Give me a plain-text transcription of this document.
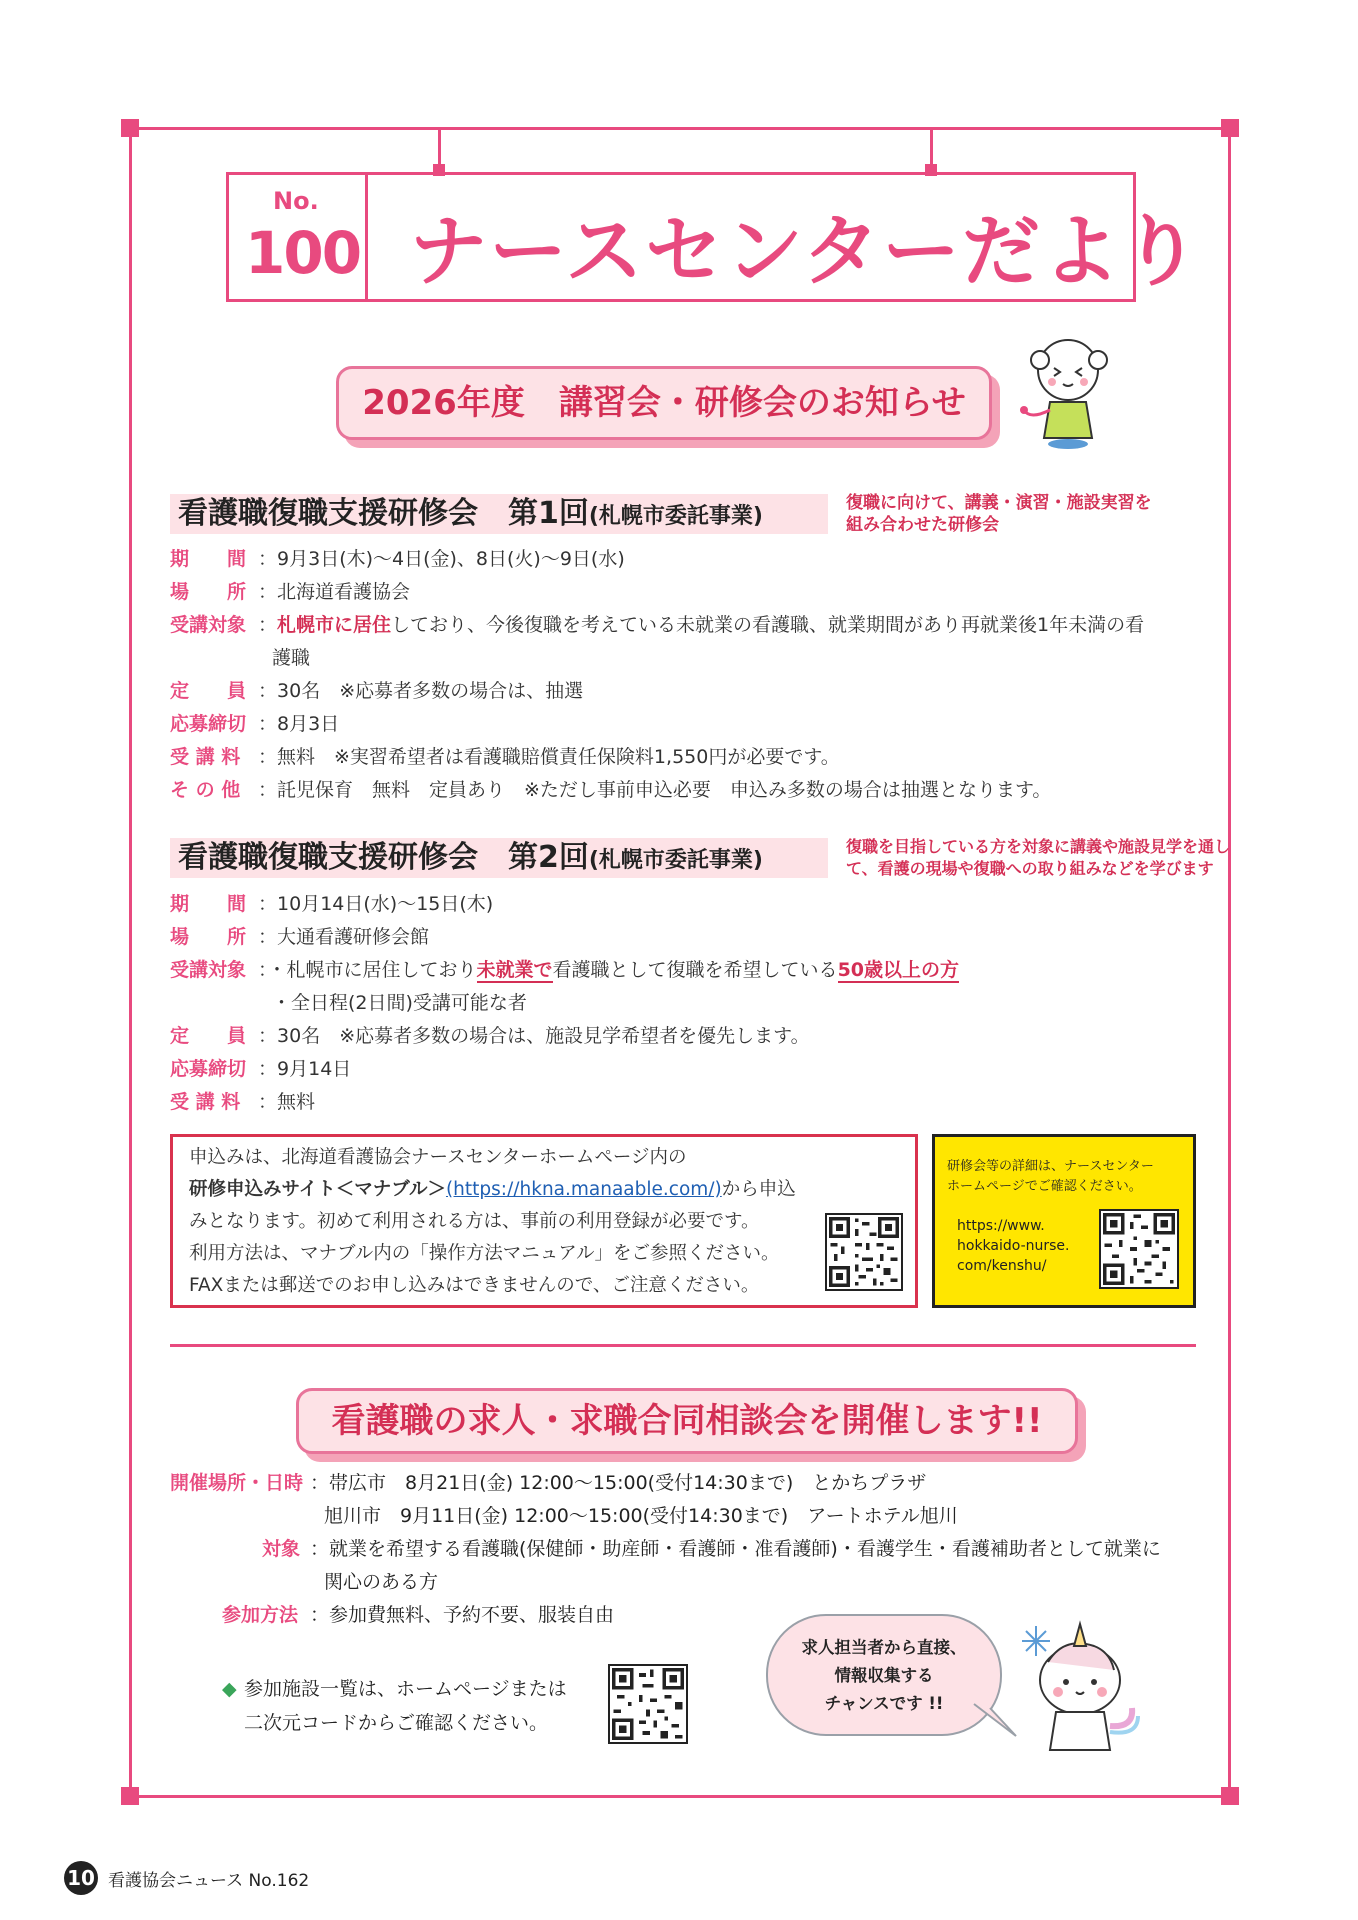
No.
100 ナースセンターだより
2026年度　講習会・研修会のお知らせ
看護職復職支援研修会　第1回(札幌市委託事業)
復職に向けて、講義・演習・施設実習を
組み合わせた研修会
期　　間 ：9月3日(木)～4日(金)、8日(火)～9日(水)
場　　所 ：北海道看護協会
受講対象 ：札幌市に居住しており、今後復職を考えている未就業の看護職、就業期間があり再就業後1年未満の看
護職
定　　員 ：30名　※応募者多数の場合は、抽選
応募締切 ：8月3日
受 講 料 ：無料　※実習希望者は看護職賠償責任保険料1,550円が必要です。
そ の 他 ：託児保育　無料　定員あり　※ただし事前申込必要　申込み多数の場合は抽選となります。
看護職復職支援研修会　第2回(札幌市委託事業)
復職を目指している方を対象に講義や施設見学を通し
て、看護の現場や復職への取り組みなどを学びます
期　　間 ：10月14日(水)～15日(木)
場　　所 ：大通看護研修会館
受講対象 ：・札幌市に居住しており未就業で看護職として復職を希望している50歳以上の方
・全日程(2日間)受講可能な者
定　　員 ：30名　※応募者多数の場合は、施設見学希望者を優先します。
応募締切 ：9月14日
受 講 料 ：無料
申込みは、北海道看護協会ナースセンターホームページ内の
研修申込みサイト＜マナブル＞(https://hkna.manaable.com/)から申込
みとなります。初めて利用される方は、事前の利用登録が必要です。
利用方法は、マナブル内の「操作方法マニュアル」をご参照ください。
FAXまたは郵送でのお申し込みはできませんので、ご注意ください。
研修会等の詳細は、ナースセンター
ホームページでご確認ください。
https://www.
hokkaido-nurse.
com/kenshu/
看護職の求人・求職合同相談会を開催します!!
開催場所・日時 ：帯広市　8月21日(金) 12:00～15:00(受付14:30まで)　とかちプラザ
旭川市　9月11日(金) 12:00～15:00(受付14:30まで)　アートホテル旭川
対象 ：就業を希望する看護職(保健師・助産師・看護師・准看護師)・看護学生・看護補助者として就業に
関心のある方
参加方法 ：参加費無料、予約不要、服装自由
◆ 参加施設一覧は、ホームページまたは
二次元コードからご確認ください。
求人担当者から直接、
情報収集する
チャンスです !!
10 看護協会ニュース No.162
